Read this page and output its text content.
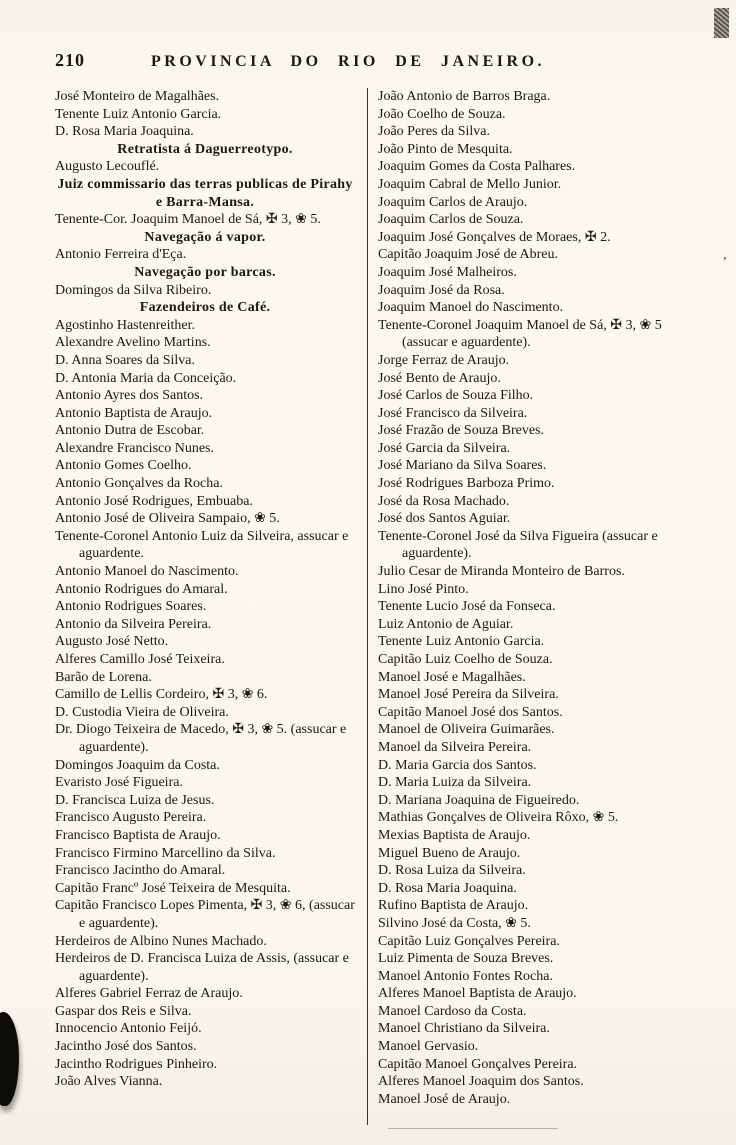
210	PROVINCIA DO RIO DE JANEIRO.
José Monteiro de Magalhães.
Tenente Luiz Antonio Garcia.
D. Rosa Maria Joaquina.
Retratista á Daguerreotypo.
Augusto Lecouflé.
Juiz commissario das terras publicas de Pirahy e Barra-Mansa.
Tenente-Cor. Joaquim Manoel de Sá, ✠ 3, ❀ 5.
Navegação á vapor.
Antonio Ferreira d'Eça.
Navegação por barcas.
Domingos da Silva Ribeiro.
Fazendeiros de Café.
Agostinho Hastenreither.
Alexandre Avelino Martins.
D. Anna Soares da Silva.
D. Antonia Maria da Conceição.
Antonio Ayres dos Santos.
Antonio Baptista de Araujo.
Antonio Dutra de Escobar.
Alexandre Francisco Nunes.
Antonio Gomes Coelho.
Antonio Gonçalves da Rocha.
Antonio José Rodrigues, Embuaba.
Antonio José de Oliveira Sampaio, ❀ 5.
Tenente-Coronel Antonio Luiz da Silveira, assucar e aguardente.
Antonio Manoel do Nascimento.
Antonio Rodrigues do Amaral.
Antonio Rodrigues Soares.
Antonio da Silveira Pereira.
Augusto José Netto.
Alferes Camillo José Teixeira.
Barão de Lorena.
Camillo de Lellis Cordeiro, ✠ 3, ❀ 6.
D. Custodia Vieira de Oliveira.
Dr. Diogo Teixeira de Macedo, ✠ 3, ❀ 5. (assucar e aguardente).
Domingos Joaquim da Costa.
Evaristo José Figueira.
D. Francisca Luiza de Jesus.
Francisco Augusto Pereira.
Francisco Baptista de Araujo.
Francisco Firmino Marcellino da Silva.
Francisco Jacintho do Amaral.
Capitão Francº José Teixeira de Mesquita.
Capitão Francisco Lopes Pimenta, ✠ 3, ❀ 6, (assucar e aguardente).
Herdeiros de Albino Nunes Machado.
Herdeiros de D. Francisca Luiza de Assis, (assucar e aguardente).
Alferes Gabriel Ferraz de Araujo.
Gaspar dos Reis e Silva.
Innocencio Antonio Feijó.
Jacintho José dos Santos.
Jacintho Rodrigues Pinheiro.
João Alves Vianna.
João Antonio de Barros Braga.
João Coelho de Souza.
João Peres da Silva.
João Pinto de Mesquita.
Joaquim Gomes da Costa Palhares.
Joaquim Cabral de Mello Junior.
Joaquim Carlos de Araujo.
Joaquim Carlos de Souza.
Joaquim José Gonçalves de Moraes, ✠ 2.
Capitão Joaquim José de Abreu.
Joaquim José Malheiros.
Joaquim José da Rosa.
Joaquim Manoel do Nascimento.
Tenente-Coronel Joaquim Manoel de Sá, ✠ 3, ❀ 5 (assucar e aguardente).
Jorge Ferraz de Araujo.
José Bento de Araujo.
José Carlos de Souza Filho.
José Francisco da Silveira.
José Frazão de Souza Breves.
José Garcia da Silveira.
José Mariano da Silva Soares.
José Rodrigues Barboza Primo.
José da Rosa Machado.
José dos Santos Aguiar.
Tenente-Coronel José da Silva Figueira (assucar e aguardente).
Julio Cesar de Miranda Monteiro de Barros.
Lino José Pinto.
Tenente Lucio José da Fonseca.
Luiz Antonio de Aguiar.
Tenente Luiz Antonio Garcia.
Capitão Luiz Coelho de Souza.
Manoel José e Magalhães.
Manoel José Pereira da Silveira.
Capitão Manoel José dos Santos.
Manoel de Oliveira Guimarães.
Manoel da Silveira Pereira.
D. Maria Garcia dos Santos.
D. Maria Luiza da Silveira.
D. Mariana Joaquina de Figueiredo.
Mathias Gonçalves de Oliveira Rôxo, ❀ 5.
Mexias Baptista de Araujo.
Miguel Bueno de Araujo.
D. Rosa Luiza da Silveira.
D. Rosa Maria Joaquina.
Rufino Baptista de Araujo.
Silvino José da Costa, ❀ 5.
Capitão Luiz Gonçalves Pereira.
Luiz Pimenta de Souza Breves.
Manoel Antonio Fontes Rocha.
Alferes Manoel Baptista de Araujo.
Manoel Cardoso da Costa.
Manoel Christiano da Silveira.
Manoel Gervasio.
Capitão Manoel Gonçalves Pereira.
Alferes Manoel Joaquim dos Santos.
Manoel José de Araujo.
’
